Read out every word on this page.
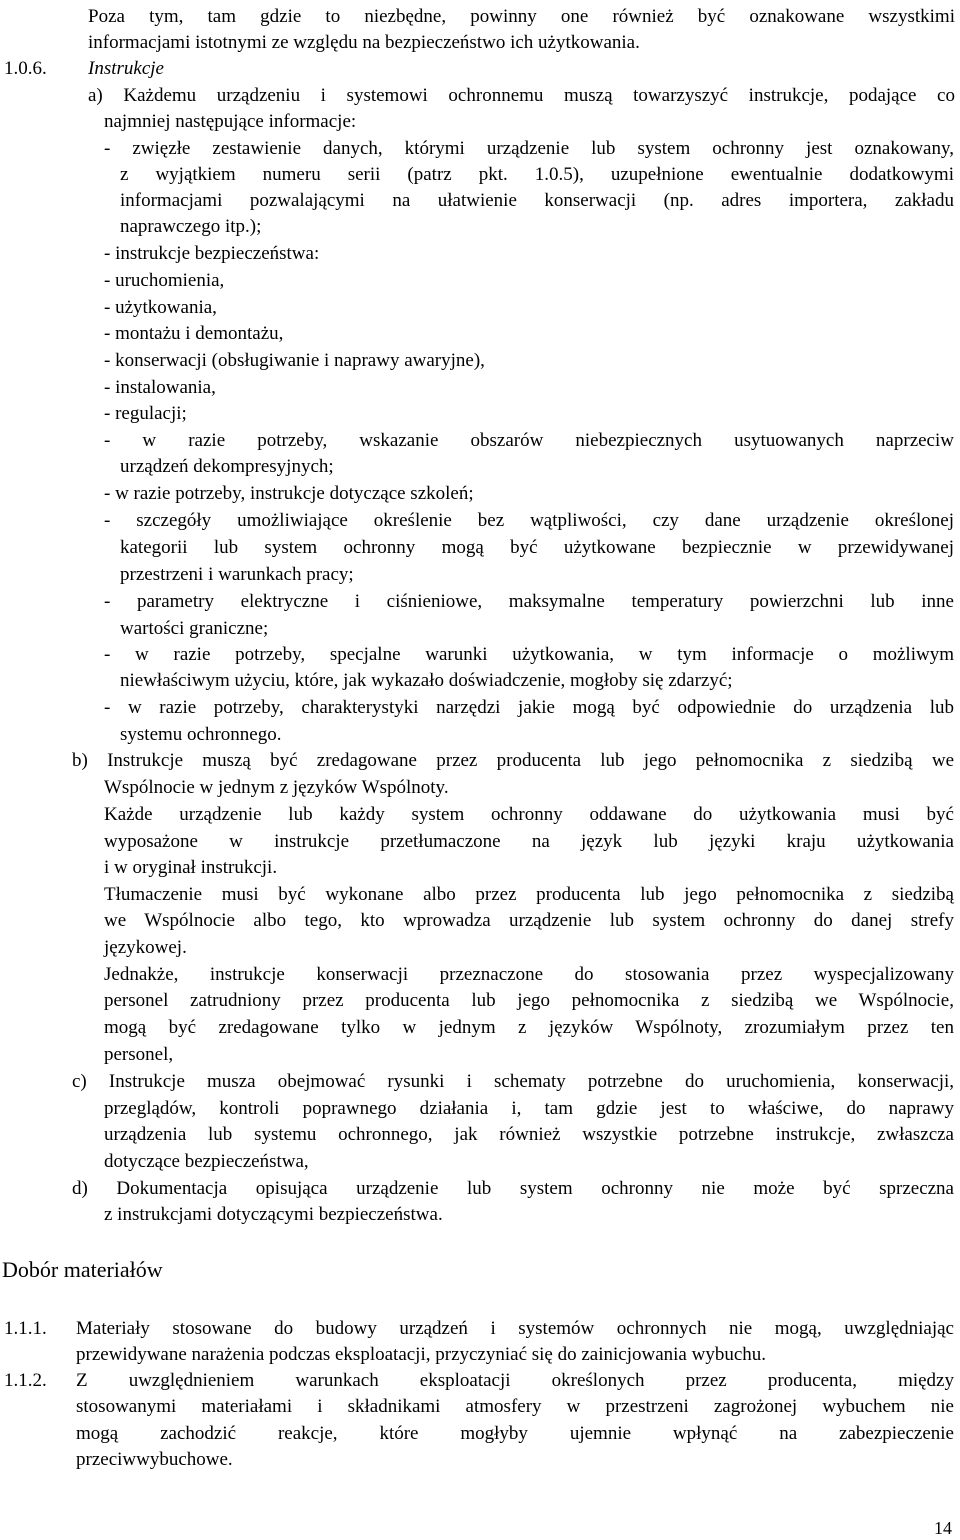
Poza tym, tam gdzie to niezbędne, powinny one również być oznakowane wszystkimi
informacjami istotnymi ze względu na bezpieczeństwo ich użytkowania.
1.0.6. Instrukcje
a) Każdemu urządzeniu i systemowi ochronnemu muszą towarzyszyć instrukcje, podające co
najmniej następujące informacje:
- zwięzłe zestawienie danych, którymi urządzenie lub system ochronny jest oznakowany,
z wyjątkiem numeru serii (patrz pkt. 1.0.5), uzupełnione ewentualnie dodatkowymi
informacjami pozwalającymi na ułatwienie konserwacji (np. adres importera, zakładu
naprawczego itp.);
- instrukcje bezpieczeństwa:
- uruchomienia,
- użytkowania,
- montażu i demontażu,
- konserwacji (obsługiwanie i naprawy awaryjne),
- instalowania,
- regulacji;
- w razie potrzeby, wskazanie obszarów niebezpiecznych usytuowanych naprzeciw
urządzeń dekompresyjnych;
- w razie potrzeby, instrukcje dotyczące szkoleń;
- szczegóły umożliwiające określenie bez wątpliwości, czy dane urządzenie określonej
kategorii lub system ochronny mogą być użytkowane bezpiecznie w przewidywanej
przestrzeni i warunkach pracy;
- parametry elektryczne i ciśnieniowe, maksymalne temperatury powierzchni lub inne
wartości graniczne;
- w razie potrzeby, specjalne warunki użytkowania, w tym informacje o możliwym
niewłaściwym użyciu, które, jak wykazało doświadczenie, mogłoby się zdarzyć;
- w razie potrzeby, charakterystyki narzędzi jakie mogą być odpowiednie do urządzenia lub
systemu ochronnego.
b) Instrukcje muszą być zredagowane przez producenta lub jego pełnomocnika z siedzibą we
Wspólnocie w jednym z języków Wspólnoty.
Każde urządzenie lub każdy system ochronny oddawane do użytkowania musi być
wyposażone w instrukcje przetłumaczone na język lub języki kraju użytkowania
i w oryginał instrukcji.
Tłumaczenie musi być wykonane albo przez producenta lub jego pełnomocnika z siedzibą
we Wspólnocie albo tego, kto wprowadza urządzenie lub system ochronny do danej strefy
językowej.
Jednakże, instrukcje konserwacji przeznaczone do stosowania przez wyspecjalizowany
personel zatrudniony przez producenta lub jego pełnomocnika z siedzibą we Wspólnocie,
mogą być zredagowane tylko w jednym z języków Wspólnoty, zrozumiałym przez ten
personel,
c) Instrukcje musza obejmować rysunki i schematy potrzebne do uruchomienia, konserwacji,
przeglądów, kontroli poprawnego działania i, tam gdzie jest to właściwe, do naprawy
urządzenia lub systemu ochronnego, jak również wszystkie potrzebne instrukcje, zwłaszcza
dotyczące bezpieczeństwa,
d) Dokumentacja opisująca urządzenie lub system ochronny nie może być sprzeczna
z instrukcjami dotyczącymi bezpieczeństwa.
Dobór materiałów
1.1.1. Materiały stosowane do budowy urządzeń i systemów ochronnych nie mogą, uwzględniając
przewidywane narażenia podczas eksploatacji, przyczyniać się do zainicjowania wybuchu.
1.1.2. Z uwzględnieniem warunkach eksploatacji określonych przez producenta, między
stosowanymi materiałami i składnikami atmosfery w przestrzeni zagrożonej wybuchem nie
mogą zachodzić reakcje, które mogłyby ujemnie wpłynąć na zabezpieczenie
przeciwwybuchowe.
14
